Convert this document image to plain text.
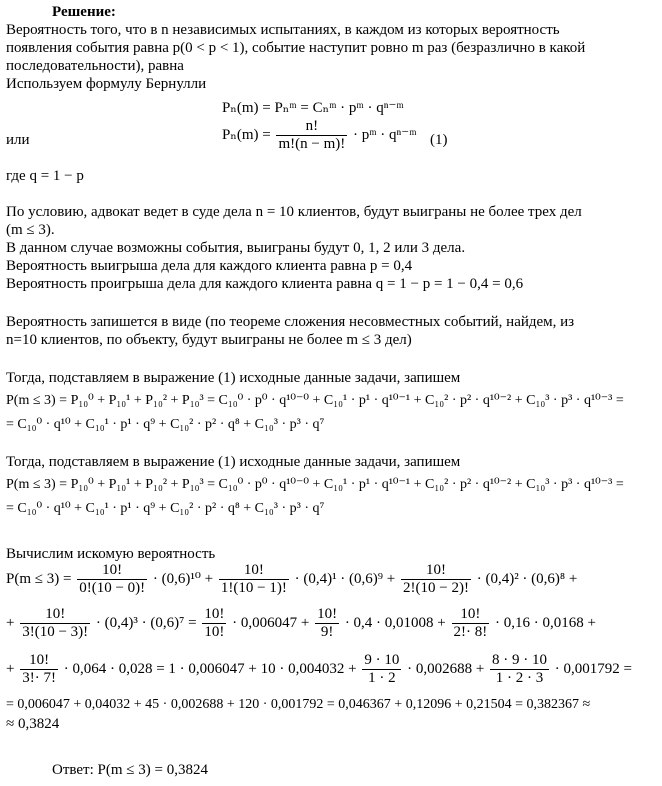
Решение:
Вероятность того, что в n независимых испытаниях, в каждом из которых вероятность
появления события равна p(0 < p < 1), событие наступит ровно m раз (безразлично в какой
последовательности), равна
Используем формулу Бернулли
Pₙ(m) = Pₙᵐ = Cₙᵐ · pᵐ · qⁿ⁻ᵐ
или	$P_n(m) = \frac{n!}{m!(n - m)!}$ · pᵐ · qⁿ⁻ᵐ (1)
где q = 1 − p
По условию, адвокат ведет в суде дела n = 10 клиентов, будут выиграны не более трех дел
(m ≤ 3).
В данном случае возможны события, выиграны будут 0, 1, 2 или 3 дела.
Вероятность выигрыша дела для каждого клиента равна p = 0,4
Вероятность проигрыша дела для каждого клиента равна q = 1 − p = 1 − 0,4 = 0,6
Вероятность запишется в виде (по теореме сложения несовместных событий, найдем, из
n=10 клиентов, по объекту, будут выиграны не более m ≤ 3 дел)
Тогда, подставляем в выражение (1) исходные данные задачи, запишем
P(m ≤ 3) = P₁₀⁰ + P₁₀¹ + P₁₀² + P₁₀³ = C₁₀⁰ · p⁰ · q¹⁰⁻⁰ + C₁₀¹ · p¹ · q¹⁰⁻¹ + C₁₀² · p² · q¹⁰⁻² + C₁₀³ · p³ · q¹⁰⁻³ =
= C₁₀⁰ · q¹⁰ + C₁₀¹ · p¹ · q⁹ + C₁₀² · p² · q⁸ + C₁₀³ · p³ · q⁷
Тогда, подставляем в выражение (1) исходные данные задачи, запишем
P(m ≤ 3) = P₁₀⁰ + P₁₀¹ + P₁₀² + P₁₀³ = C₁₀⁰ · p⁰ · q¹⁰⁻⁰ + C₁₀¹ · p¹ · q¹⁰⁻¹ + C₁₀² · p² · q¹⁰⁻² + C₁₀³ · p³ · q¹⁰⁻³ =
= C₁₀⁰ · q¹⁰ + C₁₀¹ · p¹ · q⁹ + C₁₀² · p² · q⁸ + C₁₀³ · p³ · q⁷
Вычислим искомую вероятность
$P(m \le 3) = \frac{10!}{0!(10 - 0)!} \cdot (0,6)^{10} + \frac{10!}{1!(10 - 1)!} \cdot (0,4)^1 \cdot (0,6)^9 + \frac{10!}{2!(10 - 2)!} \cdot (0,4)^2 \cdot (0,6)^8$ +
+ $\frac{10!}{3!(10 - 3)!} \cdot (0,4)^3 \cdot (0,6)^7 = \frac{10!}{10!} \cdot 0,006047 + \frac{10!}{9!} \cdot 0,4 \cdot 0,01008 + \frac{10!}{2!\cdot 8!} \cdot 0,16 \cdot 0,0168$ +
+ $\frac{10!}{3!\cdot 7!} \cdot 0,064 \cdot 0,028 = 1 \cdot 0,006047 + 10 \cdot 0,004032 + \frac{9 \cdot 10}{1 \cdot 2} \cdot 0,002688 + \frac{8 \cdot 9 \cdot 10}{1 \cdot 2 \cdot 3} \cdot 0,001792$ =
= 0,006047 + 0,04032 + 45 · 0,002688 + 120 · 0,001792 = 0,046367 + 0,12096 + 0,21504 = 0,382367 ≈
≈ 0,3824
Ответ: P(m ≤ 3) = 0,3824
